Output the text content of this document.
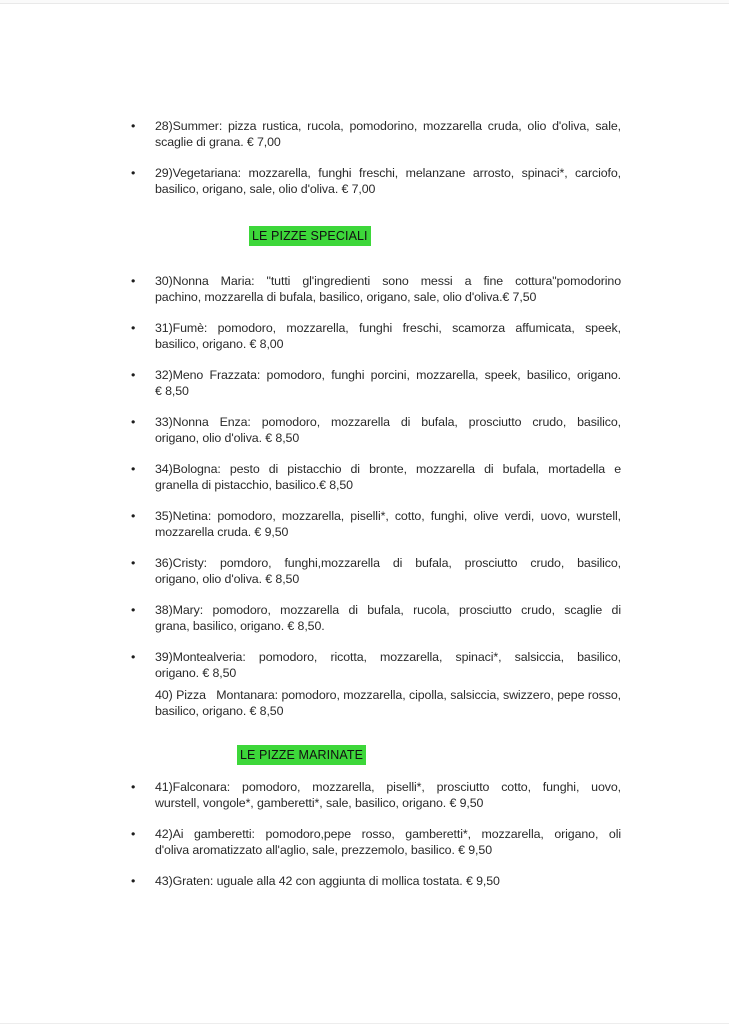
• 28)Summer: pizza rustica, rucola, pomodorino, mozzarella cruda, olio d'oliva, sale,
scaglie di grana. € 7,00
• 29)Vegetariana: mozzarella, funghi freschi, melanzane arrosto, spinaci*, carciofo,
basilico, origano, sale, olio d'oliva. € 7,00
LE PIZZE SPECIALI
• 30)Nonna Maria: "tutti gl'ingredienti sono messi a fine cottura"pomodorino
pachino, mozzarella di bufala, basilico, origano, sale, olio d'oliva.€ 7,50
• 31)Fumè: pomodoro, mozzarella, funghi freschi, scamorza affumicata, speek,
basilico, origano. € 8,00
• 32)Meno Frazzata: pomodoro, funghi porcini, mozzarella, speek, basilico, origano.
€ 8,50
• 33)Nonna Enza: pomodoro, mozzarella di bufala, prosciutto crudo, basilico,
origano, olio d'oliva. € 8,50
• 34)Bologna: pesto di pistacchio di bronte, mozzarella di bufala, mortadella e
granella di pistacchio, basilico.€ 8,50
• 35)Netina: pomodoro, mozzarella, piselli*, cotto, funghi, olive verdi, uovo, wurstell,
mozzarella cruda. € 9,50
• 36)Cristy: pomdoro, funghi,mozzarella di bufala, prosciutto crudo, basilico,
origano, olio d'oliva. € 8,50
• 38)Mary: pomodoro, mozzarella di bufala, rucola, prosciutto crudo, scaglie di
grana, basilico, origano. € 8,50.
• 39)Montealveria: pomodoro, ricotta, mozzarella, spinaci*, salsiccia, basilico,
origano. € 8,50
40) Pizza   Montanara: pomodoro, mozzarella, cipolla, salsiccia, swizzero, pepe rosso,
basilico, origano. € 8,50
LE PIZZE MARINATE
• 41)Falconara: pomodoro, mozzarella, piselli*, prosciutto cotto, funghi, uovo,
wurstell, vongole*, gamberetti*, sale, basilico, origano. € 9,50
• 42)Ai gamberetti: pomodoro,pepe rosso, gamberetti*, mozzarella, origano, oli
d'oliva aromatizzato all'aglio, sale, prezzemolo, basilico. € 9,50
• 43)Graten: uguale alla 42 con aggiunta di mollica tostata. € 9,50
